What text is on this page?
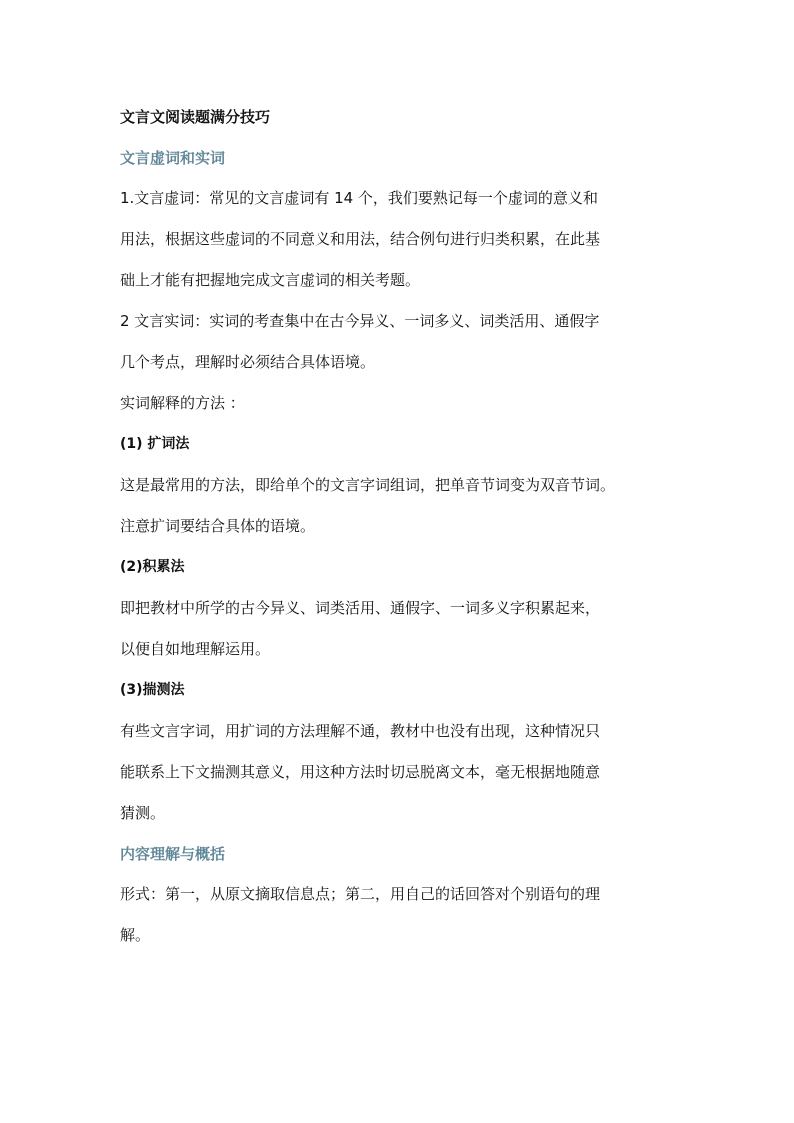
文言文阅读题满分技巧
文言虚词和实词

1.文言虚词：常见的文言虚词有 14 个，我们要熟记每一个虚词的意义和

用法，根据这些虚词的不同意义和用法，结合例句进行归类积累，在此基

础上才能有把握地完成文言虚词的相关考题。

2 文言实词：实词的考查集中在古今异义、一词多义、词类活用、通假字

几个考点，理解时必须结合具体语境。

实词解释的方法 ：

(1) 扩词法

这是最常用的方法，即给单个的文言字词组词，把单音节词变为双音节词。

注意扩词要结合具体的语境。

(2)积累法

即把教材中所学的古今异义、词类活用、通假字、一词多义字积累起来，

以便自如地理解运用。

(3)揣测法

有些文言字词，用扩词的方法理解不通，教材中也没有出现，这种情况只

能联系上下文揣测其意义，用这种方法时切忌脱离文本，毫无根据地随意

猜测。

内容理解与概括

形式：第一，从原文摘取信息点；第二，用自己的话回答对个别语句的理

解。
